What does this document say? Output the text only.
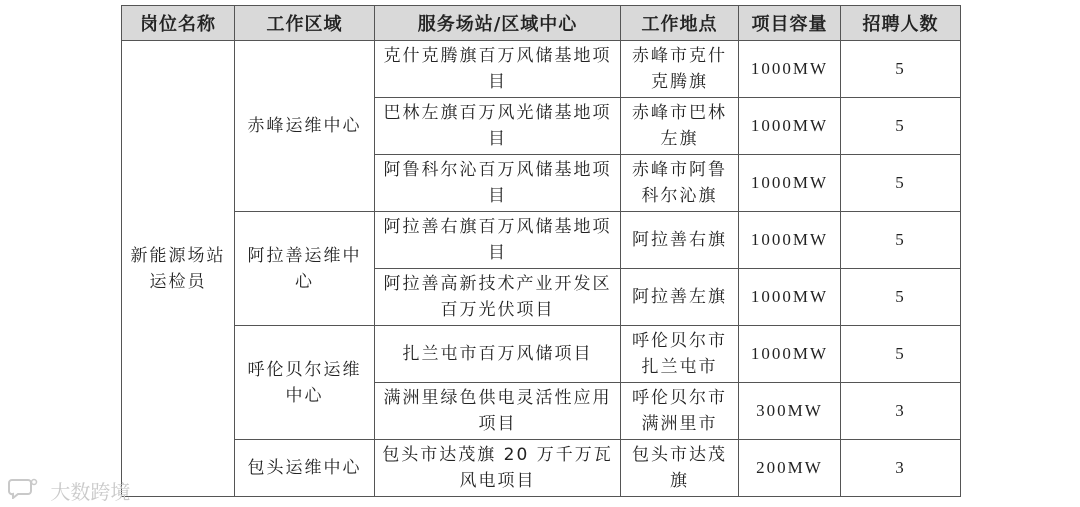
岗位名称	工作区域	服务场站/区域中心	工作地点	项目容量	招聘人数
新能源场站运检员	赤峰运维中心	克什克腾旗百万风储基地项目	赤峰市克什克腾旗	1000MW	5
		巴林左旗百万风光储基地项目	赤峰市巴林左旗	1000MW	5
		阿鲁科尔沁百万风储基地项目	赤峰市阿鲁科尔沁旗	1000MW	5
	阿拉善运维中心	阿拉善右旗百万风储基地项目	阿拉善右旗	1000MW	5
		阿拉善高新技术产业开发区百万光伏项目	阿拉善左旗	1000MW	5
	呼伦贝尔运维中心	扎兰屯市百万风储项目	呼伦贝尔市扎兰屯市	1000MW	5
		满洲里绿色供电灵活性应用项目	呼伦贝尔市满洲里市	300MW	3
	包头运维中心	包头市达茂旗 20 万千万瓦风电项目	包头市达茂旗	200MW	3
大数跨境
